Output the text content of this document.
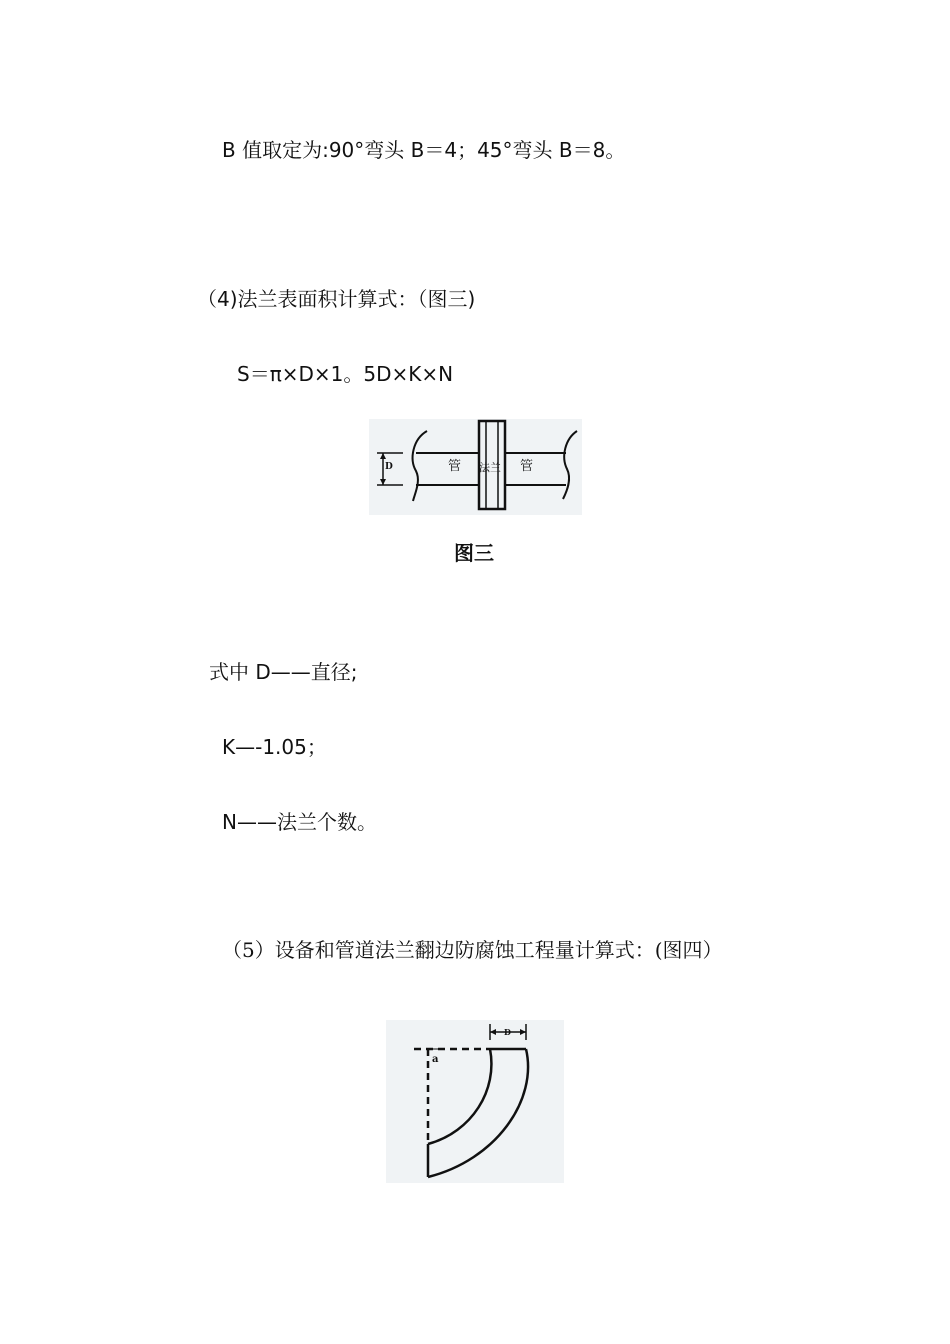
B 值取定为:90°弯头 B＝4；45°弯头 B＝8。
（4)法兰表面积计算式：（图三)
S＝π×D×1。5D×K×N
D	管 法兰 管
图三
式中 D——直径;
K—-1.05；
N——法兰个数。
（5）设备和管道法兰翻边防腐蚀工程量计算式：(图四）
D
a
